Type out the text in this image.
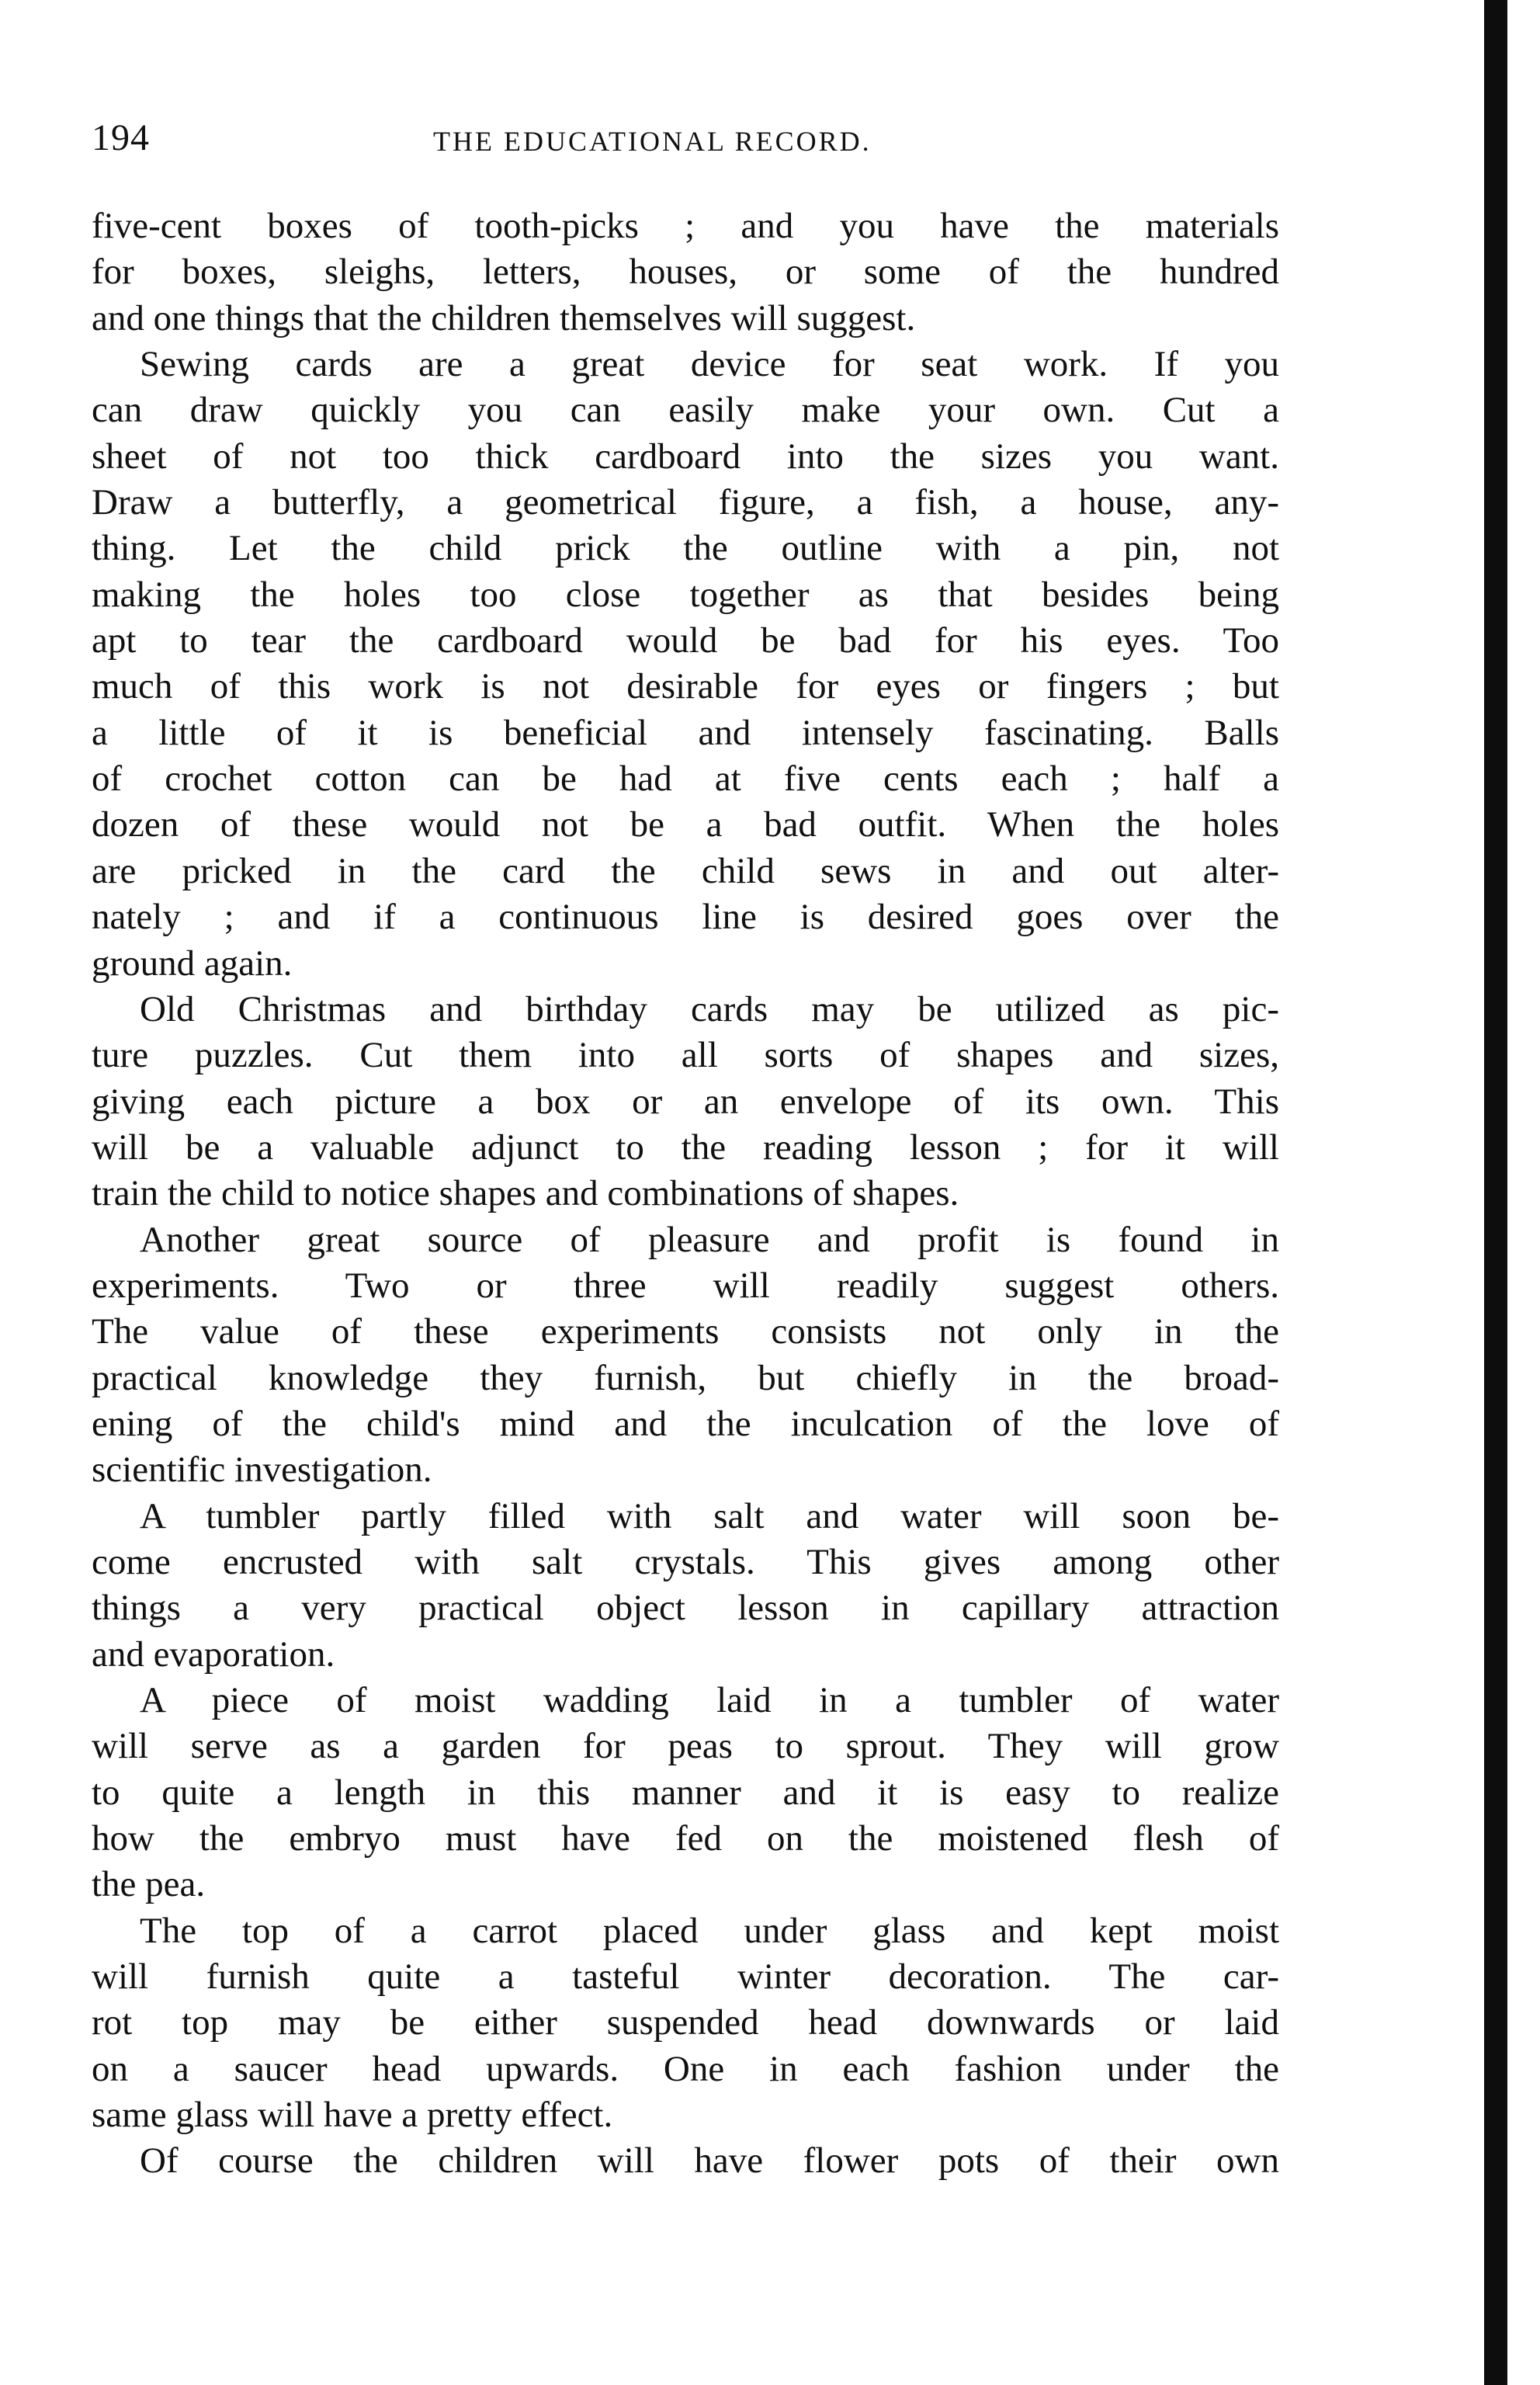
194	THE EDUCATIONAL RECORD.
five-cent boxes of tooth-picks ; and you have the materials
for boxes, sleighs, letters, houses, or some of the hundred
and one things that the children themselves will suggest.
Sewing cards are a great device for seat work. If you
can draw quickly you can easily make your own. Cut a
sheet of not too thick cardboard into the sizes you want.
Draw a butterfly, a geometrical figure, a fish, a house, any-
thing. Let the child prick the outline with a pin, not
making the holes too close together as that besides being
apt to tear the cardboard would be bad for his eyes. Too
much of this work is not desirable for eyes or fingers ; but
a little of it is beneficial and intensely fascinating. Balls
of crochet cotton can be had at five cents each ; half a
dozen of these would not be a bad outfit. When the holes
are pricked in the card the child sews in and out alter-
nately ; and if a continuous line is desired goes over the
ground again.
Old Christmas and birthday cards may be utilized as pic-
ture puzzles. Cut them into all sorts of shapes and sizes,
giving each picture a box or an envelope of its own. This
will be a valuable adjunct to the reading lesson ; for it will
train the child to notice shapes and combinations of shapes.
Another great source of pleasure and profit is found in
experiments. Two or three will readily suggest others.
The value of these experiments consists not only in the
practical knowledge they furnish, but chiefly in the broad-
ening of the child's mind and the inculcation of the love of
scientific investigation.
A tumbler partly filled with salt and water will soon be-
come encrusted with salt crystals. This gives among other
things a very practical object lesson in capillary attraction
and evaporation.
A piece of moist wadding laid in a tumbler of water
will serve as a garden for peas to sprout. They will grow
to quite a length in this manner and it is easy to realize
how the embryo must have fed on the moistened flesh of
the pea.
The top of a carrot placed under glass and kept moist
will furnish quite a tasteful winter decoration. The car-
rot top may be either suspended head downwards or laid
on a saucer head upwards. One in each fashion under the
same glass will have a pretty effect.
Of course the children will have flower pots of their own
